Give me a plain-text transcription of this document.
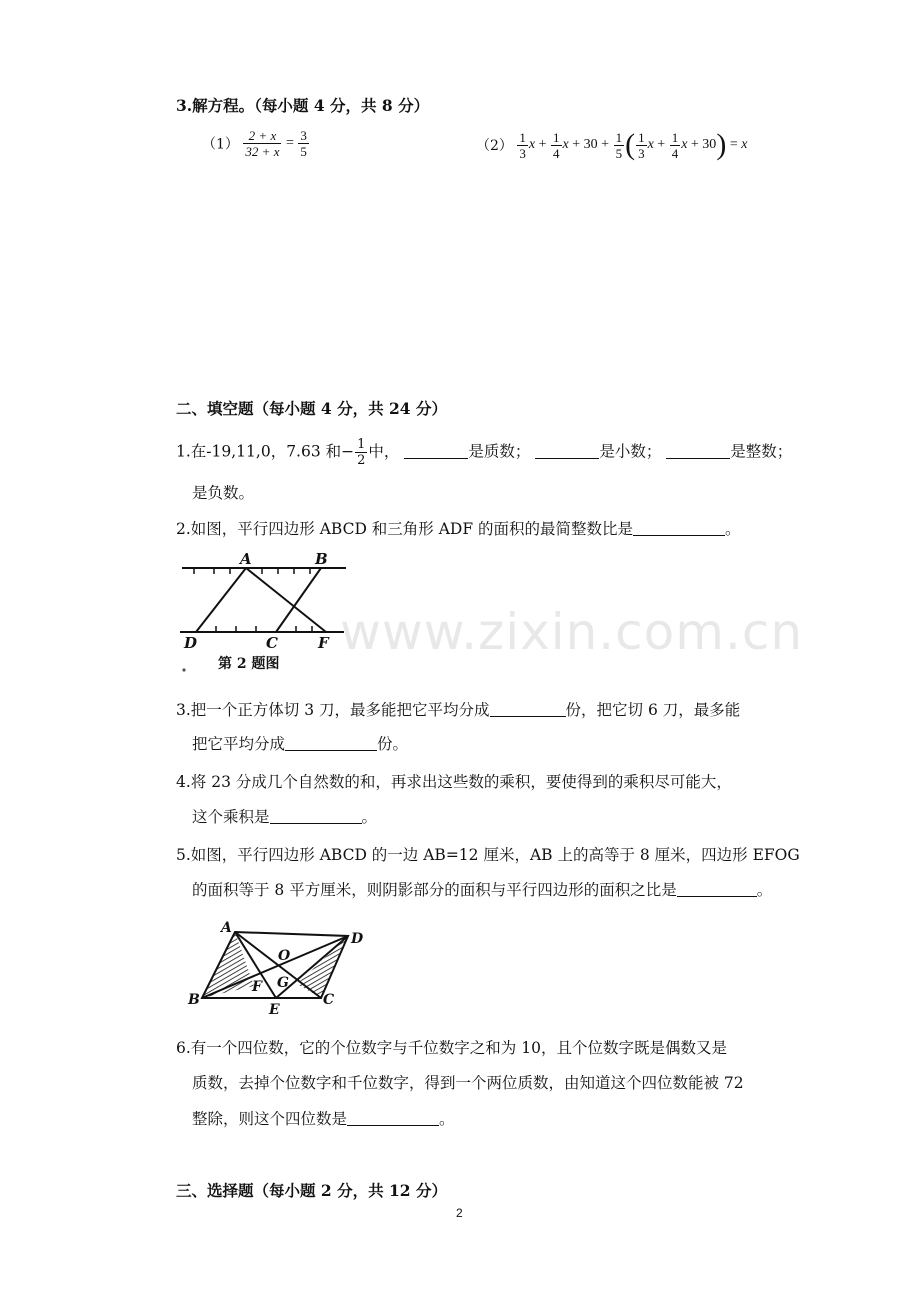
3.解方程。（每小题 4 分，共 8 分）
$(1) \frac{2 + x}{32 + x} = \frac{3}{5}$	$(2) \frac{1}{3}$ $x + \frac{1}{4}$ $x + 30 + \frac{1}{5}$ ( $\frac{1}{3}$ $x + \frac{1}{4}$ x + 30) = x
二、填空题（每小题 4 分，共 24 分）
1.在-19,11,0，7.63 和− $\frac{1}{2}$ 中，	是质数；	是小数；	是整数；
是负数。
2.如图，平行四边形 ABCD 和三角形 ADF 的面积的最简整数比是	。
A	B
D	C	F
第 2 题图
3.把一个正方体切 3 刀，最多能把它平均分成	份，把它切 6 刀，最多能
把它平均分成	份。
4.将 23 分成几个自然数的和，再求出这些数的乘积，要使得到的乘积尽可能大，
这个乘积是	。
5.如图，平行四边形 ABCD 的一边 AB=12 厘米，AB 上的高等于 8 厘米，四边形 EFOG
的面积等于 8 平方厘米，则阴影部分的面积与平行四边形的面积之比是	。
A
D
O
F G
B
E
C
6.有一个四位数，它的个位数字与千位数字之和为 10，且个位数字既是偶数又是
质数，去掉个位数字和千位数字，得到一个两位质数，由知道这个四位数能被 72
整除，则这个四位数是	。
三、选择题（每小题 2 分，共 12 分）
www.zixin.com.cn
2
